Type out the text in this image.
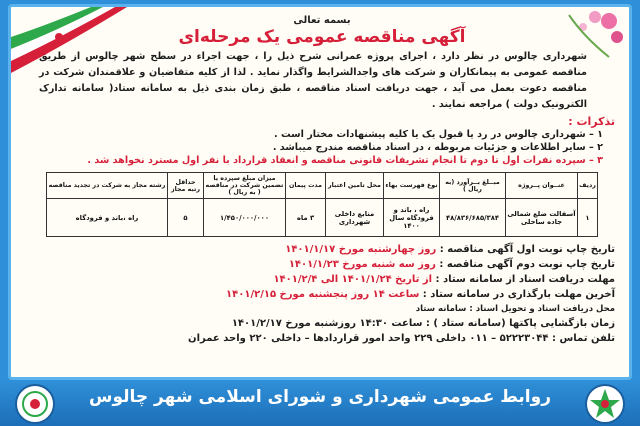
بسمه تعالی
آگهی مناقصه عمومی یک مرحله‌ای
شهرداری چالوس در نظر دارد ، اجرای پروژه عمرانی شرح ذیل را ، جهت اجراء در سطح شهر چالوس از طریق مناقصه عمومی به پیمانکاران و شرکت های واجدالشرایط واگذار نماید . لذا از کلیه متقاضیان و علاقمندان شرکت در مناقصه دعوت بعمل می آید ، جهت دریافت اسناد مناقصه ، طبق زمان بندی ذیل به سامانه ستاد( سامانه تدارک الکترونیک دولت ) مراجعه نمایند .
تذکرات :
۱ – شهرداری چالوس در رد یا قبول یک یا کلیه پیشنهادات مختار است .
۲ – سایر اطلاعات و جزئیات مربوطه ، در اسناد مناقصه مندرج میباشد .
۳ – سپرده نفرات اول تا دوم تا انجام تشریفات قانونی مناقصه و انعقاد قرارداد با نفر اول مسترد نخواهد شد .
ردیف	عنــوان پــروژه	مبــلغ بــرآورد (به ریال )	نوع فهرست بهاء	محل تامین اعتبار	مدت پیمان	میزان مبلغ سپرده یا تضمین شرکت در مناقصه ( به ریال )	حداقل رتبه مجاز	رشته مجاز به شرکت در تجدید مناقصه
۱	آسفالت ضلع شمالی جاده ساحلی	۴۸/۸۳۶/۶۸۵/۳۸۴	راه ، باند و فرودگاه سال ۱۴۰۰	منابع داخلی شهرداری	۳ ماه	۱/۴۵۰/۰۰۰/۰۰۰	۵	راه ،باند و فرودگاه
تاریخ چاپ نوبت اول آگهی مناقصه : روز چهارشنبه مورخ ۱۴۰۱/۱/۱۷
تاریخ چاپ نوبت دوم آگهی مناقصه : روز سه شنبه مورخ ۱۴۰۱/۱/۲۳
مهلت دریافت اسناد از سامانه ستاد : از تاریخ ۱۴۰۱/۱/۲۴ الی ۱۴۰۱/۲/۴
آخرین مهلت بارگذاری در سامانه ستاد : ساعت ۱۴ روز پنجشنبه مورخ ۱۴۰۱/۲/۱۵
محل دریافت اسناد و تحویل اسناد : سامانه ستاد
زمان بازگشایی پاکتها (سامانه ستاد ) : ساعت ۱۴:۳۰ روزشنبه مورخ ۱۴۰۱/۲/۱۷
تلفن تماس : ۵۲۲۲۳۰۴۴ – ۰۱۱ داخلی ۲۲۹ واحد امور قراردادها – داخلی ۲۲۰ واحد عمران
روابط عمومی شهرداری و شورای اسلامی شهر چالوس
